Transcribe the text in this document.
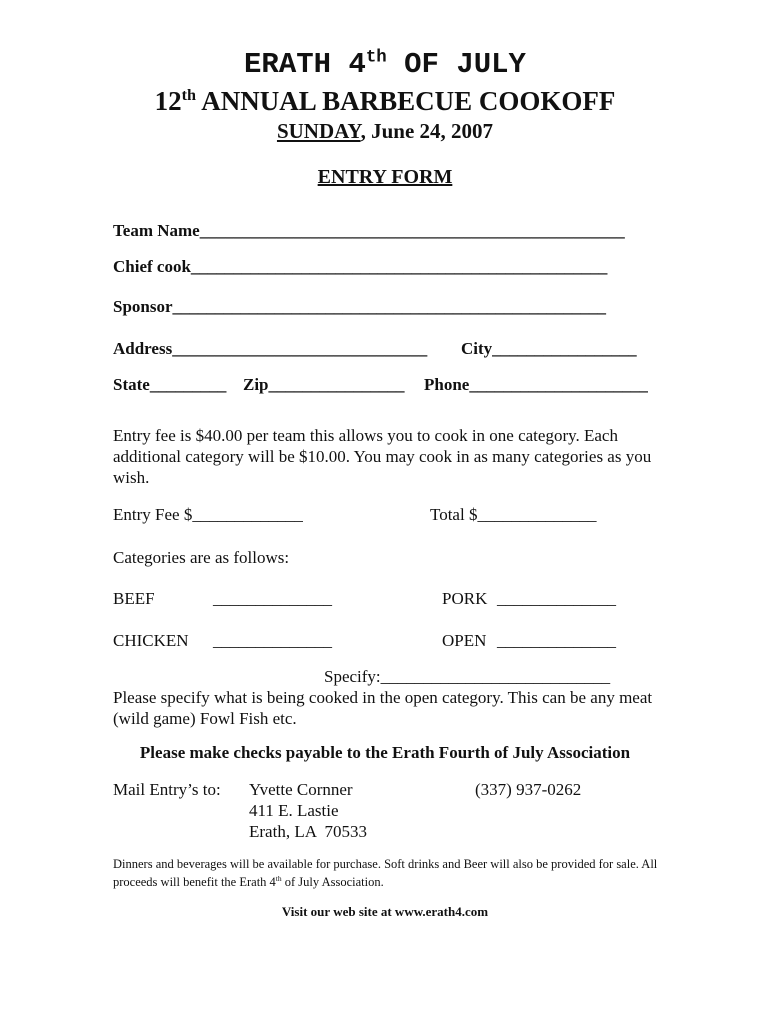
ERATH 4th OF JULY
12th ANNUAL BARBECUE COOKOFF
SUNDAY, June 24, 2007
ENTRY FORM
Team Name__________________________________________________
Chief cook_________________________________________________
Sponsor___________________________________________________
Address______________________________ City_________________
State_________ Zip________________ Phone_____________________
Entry fee is $40.00 per team this allows you to cook in one category. Each additional category will be $10.00. You may cook in as many categories as you wish.
Entry Fee $_____________	Total $______________
Categories are as follows:
BEEF	______________	PORK ______________
CHICKEN ______________	OPEN ______________
Specify:___________________________
Please specify what is being cooked in the open category. This can be any meat (wild game) Fowl Fish etc.
Please make checks payable to the Erath Fourth of July Association
Mail Entry’s to: Yvette Cornner
411 E. Lastie
Erath, LA  70533
(337) 937-0262
Dinners and beverages will be available for purchase. Soft drinks and Beer will also be provided for sale. All proceeds will benefit the Erath 4th of July Association.
Visit our web site at www.erath4.com
